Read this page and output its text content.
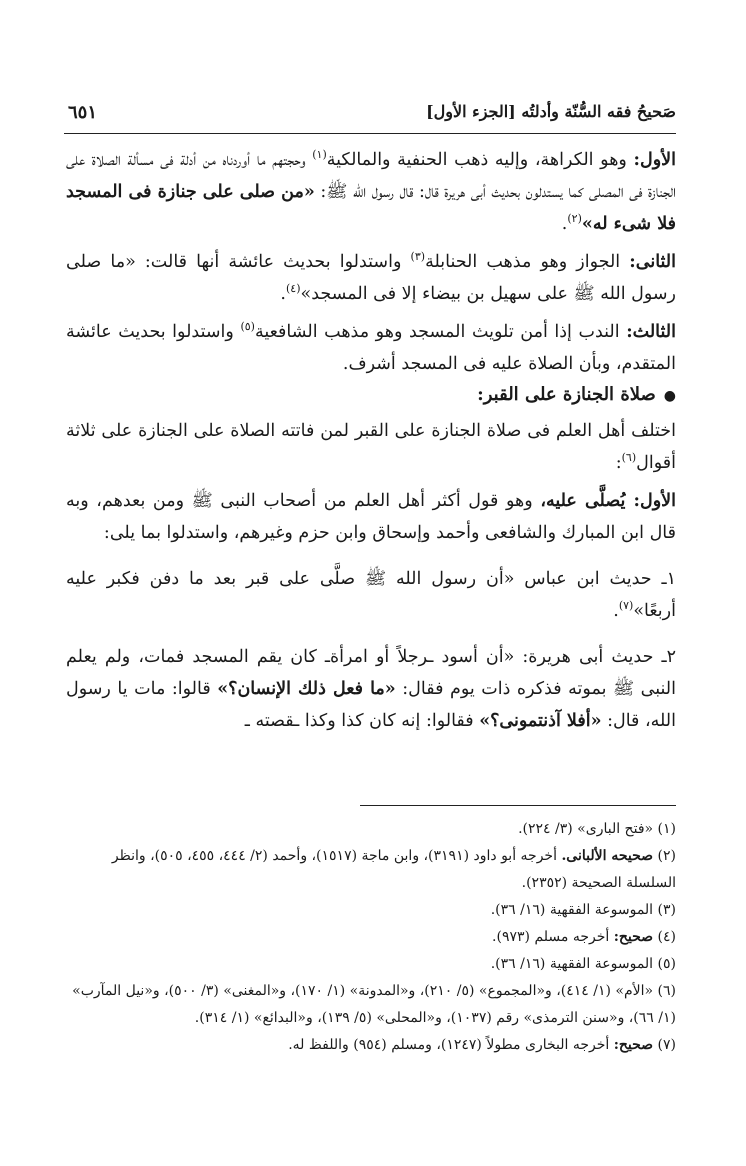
صَحيحُ فقه السُّنّة وأدلتُه [الجزء الأول]
٦٥١

الأول: وهو الكراهة، وإليه ذهب الحنفية والمالكية$^{(١)}$ وحجتهم ما أوردناه من أدلة فى مسألة الصلاة على الجنازة فى المصلى كما يستدلون بحديث أبى هريرة قال: قال رسول الله ﷺ: «من صلى على جنازة فى المسجد فلا شىء له»$^{(٢)}$.

الثانى: الجواز وهو مذهب الحنابلة$^{(٣)}$ واستدلوا بحديث عائشة أنها قالت: «ما صلى رسول الله ﷺ على سهيل بن بيضاء إلا فى المسجد»$^{(٤)}$.

الثالث: الندب إذا أمن تلويث المسجد وهو مذهب الشافعية$^{(٥)}$ واستدلوا بحديث عائشة المتقدم، وبأن الصلاة عليه فى المسجد أشرف.

●صلاة الجنازة على القبر:

اختلف أهل العلم فى صلاة الجنازة على القبر لمن فاتته الصلاة على الجنازة على ثلاثة أقوال$^{(٦)}$:

الأول: يُصلَّى عليه، وهو قول أكثر أهل العلم من أصحاب النبى ﷺ ومن بعدهم، وبه قال ابن المبارك والشافعى وأحمد وإسحاق وابن حزم وغيرهم، واستدلوا بما يلى:

١ـ حديث ابن عباس «أن رسول الله ﷺ صلَّى على قبر بعد ما دفن فكبر عليه أربعًا»$^{(٧)}$.

٢ـ حديث أبى هريرة: «أن أسود ـرجلاً أو امرأةـ كان يقم المسجد فمات، ولم يعلم النبى ﷺ بموته فذكره ذات يوم فقال: «ما فعل ذلك الإنسان؟» قالوا: مات يا رسول الله، قال: «أفلا آذنتمونى؟» فقالوا: إنه كان كذا وكذا ـقصته ـ

(١) «فتح البارى» (٣/ ٢٢٤).

(٢) صحيحه الألبانى. أخرجه أبو داود (٣١٩١)، وابن ماجة (١٥١٧)، وأحمد (٢/ ٤٤٤، ٤٥٥، ٥٠٥)، وانظر السلسلة الصحيحة (٢٣٥٢).

(٣) الموسوعة الفقهية (١٦/ ٣٦).

(٤) صحيح: أخرجه مسلم (٩٧٣).

(٥) الموسوعة الفقهية (١٦/ ٣٦).

(٦) «الأم» (١/ ٤١٤)، و«المجموع» (٥/ ٢١٠)، و«المدونة» (١/ ١٧٠)، و«المغنى» (٣/ ٥٠٠)، و«نيل المآرب» (١/ ٦٦)، و«سنن الترمذى» رقم (١٠٣٧)، و«المحلى» (٥/ ١٣٩)، و«البدائع» (١/ ٣١٤).

(٧) صحيح: أخرجه البخارى مطولاً (١٢٤٧)، ومسلم (٩٥٤) واللفظ له.
